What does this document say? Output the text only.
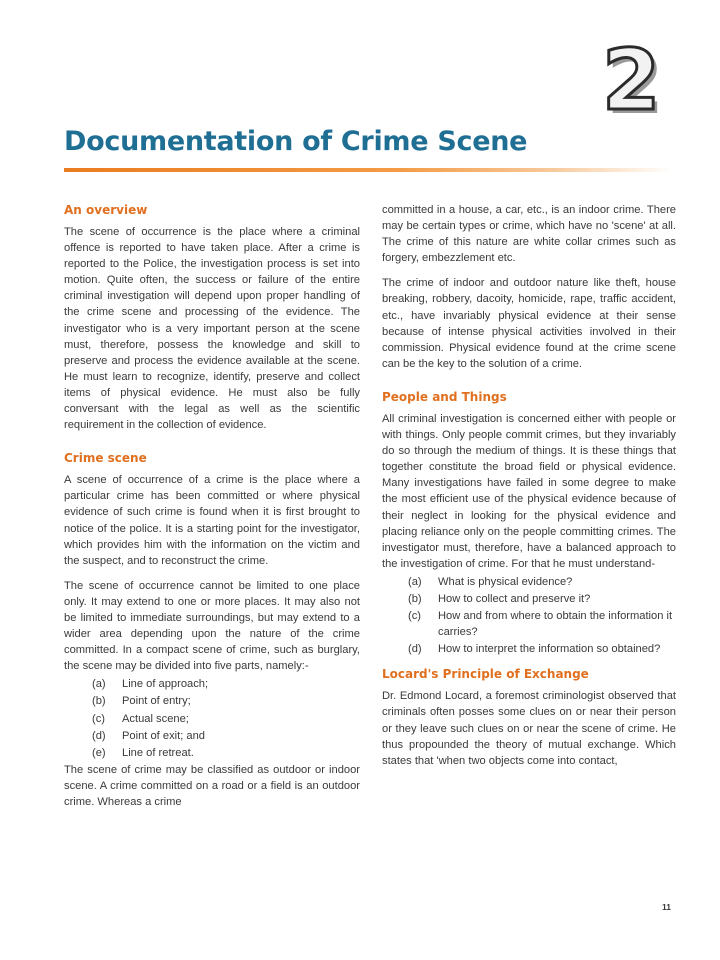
2
Documentation of Crime Scene
An overview

The scene of occurrence is the place where a criminal offence is reported to have taken place. After a crime is reported to the Police, the investigation process is set into motion. Quite often, the success or failure of the entire criminal investigation will depend upon proper handling of the crime scene and processing of the evidence. The investigator who is a very important person at the scene must, therefore, possess the knowledge and skill to preserve and process the evidence available at the scene. He must learn to recognize, identify, preserve and collect items of physical evidence. He must also be fully conversant with the legal as well as the scientific requirement in the collection of evidence.

Crime scene

A scene of occurrence of a crime is the place where a particular crime has been committed or where physical evidence of such crime is found when it is first brought to notice of the police. It is a starting point for the investigator, which provides him with the information on the victim and the suspect, and to reconstruct the crime.

The scene of occurrence cannot be limited to one place only. It may extend to one or more places. It may also not be limited to immediate surroundings, but may extend to a wider area depending upon the nature of the crime committed. In a compact scene of crime, such as burglary, the scene may be divided into five parts, namely:-

(a)	Line of approach;
(b)	Point of entry;
(c)	Actual scene;
(d)	Point of exit; and
(e)	Line of retreat.

The scene of crime may be classified as outdoor or indoor scene. A crime committed on a road or a field is an outdoor crime. Whereas a crime

committed in a house, a car, etc., is an indoor crime. There may be certain types or crime, which have no 'scene' at all. The crime of this nature are white collar crimes such as forgery, embezzlement etc.

The crime of indoor and outdoor nature like theft, house breaking, robbery, dacoity, homicide, rape, traffic accident, etc., have invariably physical evidence at their sense because of intense physical activities involved in their commission. Physical evidence found at the crime scene can be the key to the solution of a crime.

People and Things

All criminal investigation is concerned either with people or with things. Only people commit crimes, but they invariably do so through the medium of things. It is these things that together constitute the broad field or physical evidence. Many investigations have failed in some degree to make the most efficient use of the physical evidence because of their neglect in looking for the physical evidence and placing reliance only on the people committing crimes. The investigator must, therefore, have a balanced approach to the investigation of crime. For that he must understand-

(a)	What is physical evidence?
(b)	How to collect and preserve it?
(c)	How and from where to obtain the information it carries?
(d)	How to interpret the information so obtained?
Locard's Principle of Exchange

Dr. Edmond Locard, a foremost criminologist observed that criminals often posses some clues on or near their person or they leave such clues on or near the scene of crime. He thus propounded the theory of mutual exchange. Which states that 'when two objects come into contact,

11
